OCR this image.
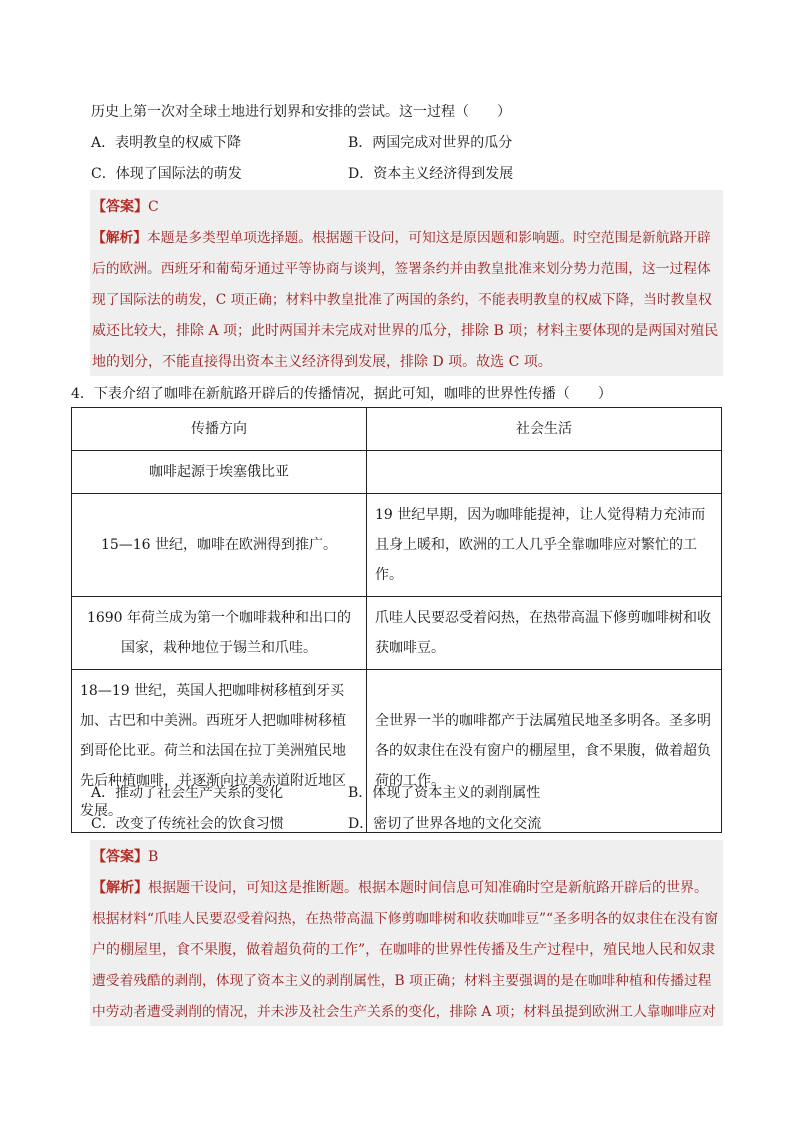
历史上第一次对全球土地进行划界和安排的尝试。这一过程（　　）
A．表明教皇的权威下降	B．两国完成对世界的瓜分
C．体现了国际法的萌发	D．资本主义经济得到发展
【答案】C
【解析】本题是多类型单项选择题。根据题干设问，可知这是原因题和影响题。时空范围是新航路开辟
后的欧洲。西班牙和葡萄牙通过平等协商与谈判，签署条约并由教皇批准来划分势力范围，这一过程体
现了国际法的萌发，C 项正确；材料中教皇批准了两国的条约，不能表明教皇的权威下降，当时教皇权
威还比较大，排除 A 项；此时两国并未完成对世界的瓜分，排除 B 项；材料主要体现的是两国对殖民
地的划分，不能直接得出资本主义经济得到发展，排除 D 项。故选 C 项。
4．下表介绍了咖啡在新航路开辟后的传播情况，据此可知，咖啡的世界性传播（　　）
传播方向	社会生活
咖啡起源于埃塞俄比亚	
15—16 世纪，咖啡在欧洲得到推广。	19 世纪早期，因为咖啡能提神，让人觉得精力充沛而且身上暖和，欧洲的工人几乎全靠咖啡应对繁忙的工作。
1690 年荷兰成为第一个咖啡栽种和出口的国家，栽种地位于锡兰和爪哇。	爪哇人民要忍受着闷热，在热带高温下修剪咖啡树和收获咖啡豆。
18—19 世纪，英国人把咖啡树移植到牙买加、古巴和中美洲。西班牙人把咖啡树移植到哥伦比亚。荷兰和法国在拉丁美洲殖民地先后种植咖啡，并逐渐向拉美赤道附近地区发展。	全世界一半的咖啡都产于法属殖民地圣多明各。圣多明各的奴隶住在没有窗户的棚屋里，食不果腹，做着超负荷的工作。
A．推动了社会生产关系的变化	B．体现了资本主义的剥削属性
C．改变了传统社会的饮食习惯	D．密切了世界各地的文化交流
【答案】B
【解析】根据题干设问，可知这是推断题。根据本题时间信息可知准确时空是新航路开辟后的世界。
根据材料“爪哇人民要忍受着闷热，在热带高温下修剪咖啡树和收获咖啡豆”“圣多明各的奴隶住在没有窗
户的棚屋里，食不果腹，做着超负荷的工作”，在咖啡的世界性传播及生产过程中，殖民地人民和奴隶
遭受着残酷的剥削，体现了资本主义的剥削属性，B 项正确；材料主要强调的是在咖啡种植和传播过程
中劳动者遭受剥削的情况，并未涉及社会生产关系的变化，排除 A 项；材料虽提到欧洲工人靠咖啡应对
